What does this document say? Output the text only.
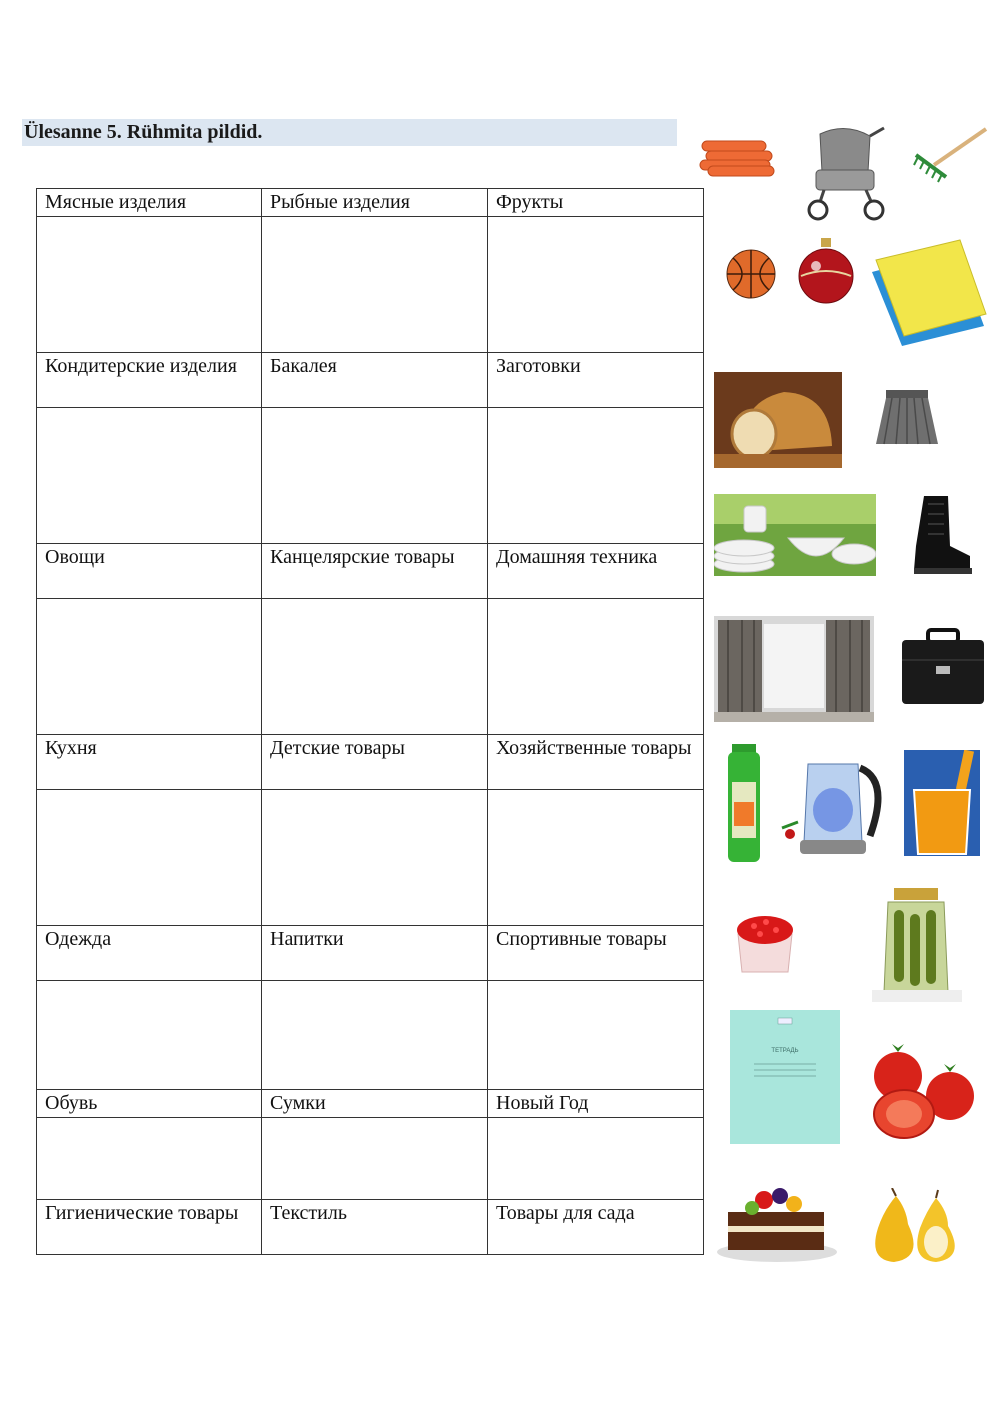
Ülesanne 5. Rühmita pildid.
Мясные изделия	Рыбные изделия	Фрукты

Кондитерские изделия	Бакалея	Заготовки

Овощи	Канцелярские товары	Домашняя техника

Кухня	Детские товары	Хозяйственные товары

Одежда	Напитки	Спортивные товары

Обувь	Сумки	Новый Год

Гигиенические товары	Текстиль	Товары для сада
ТЕТРАДЬ
